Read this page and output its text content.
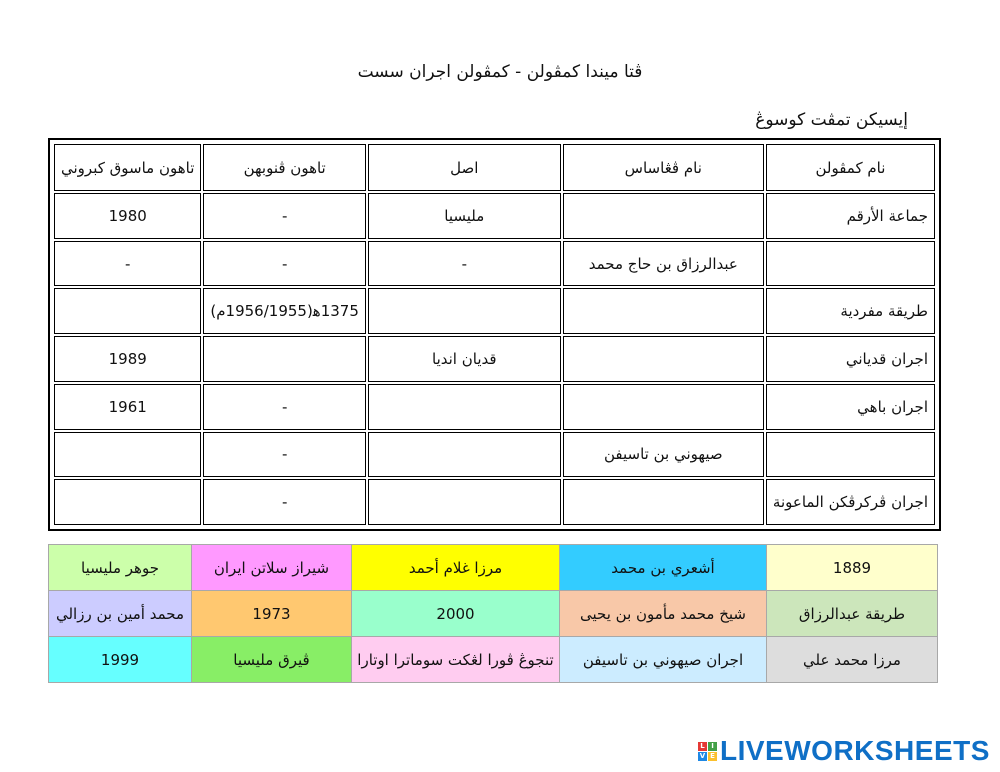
ڤتا ميندا كمڤولن - كمڤولن اجران سست
إيسيكن تمڤت كوسوڠ
نام كمڤولن	نام ڤڠاساس	اصل	تاهون ڤنوبهن	تاهون ماسوق كبروني
جماعة الأرقم		مليسيا	-	1980
	عبدالرزاق بن حاج محمد	-	-	-
طريقة مفردية			1375ﻫ(1956/1955م)	
اجران قدياني		قديان انديا		1989
اجران باهي			-	1961
	صيهوني بن تاسيفن		-	
اجران ڤركرڤكن الماعونة			-	
1889	أشعري بن محمد	مرزا غلام أحمد	شيراز سلاتن ايران	جوهر مليسيا
طريقة عبدالرزاق	شيخ محمد مأمون بن يحيى	2000	1973	محمد أمين بن رزالي
مرزا محمد علي	اجران صيهوني بن تاسيفن	تنجوڠ ڤورا لڠكت سوماترا اوتارا	ڤيرق مليسيا	1999
L I
V E LIVEWORKSHEETS
